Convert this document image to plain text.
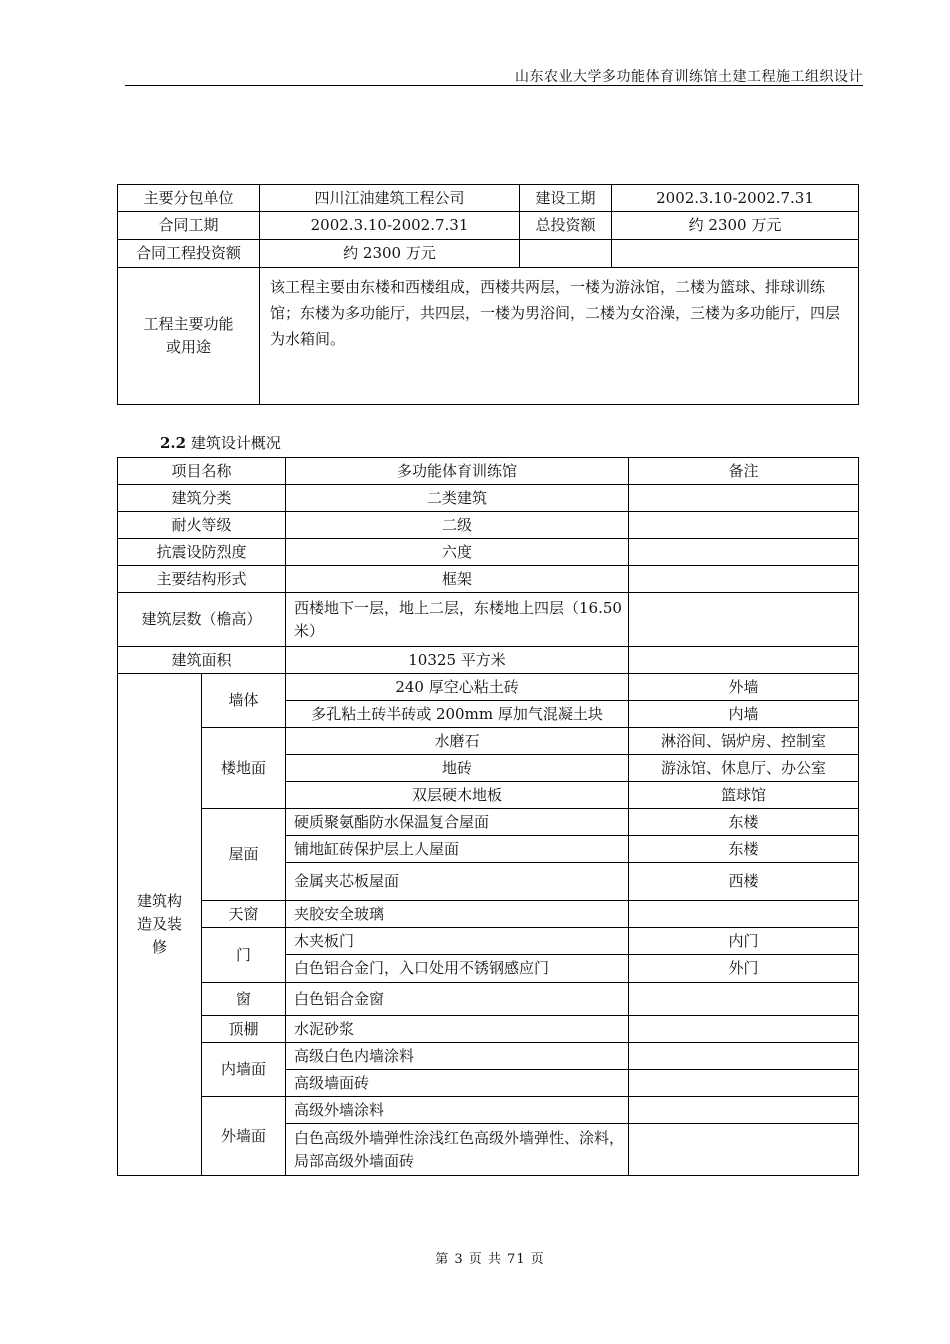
山东农业大学多功能体育训练馆土建工程施工组织设计
主要分包单位	四川江油建筑工程公司	建设工期	2002.3.10-2002.7.31
合同工期	2002.3.10-2002.7.31	总投资额	约 2300 万元
合同工程投资额	约 2300 万元		

工程主要功能
或用途	该工程主要由东楼和西楼组成，西楼共两层，一楼为游泳馆，二楼为篮球、排球训练馆；东楼为多功能厅，共四层，一楼为男浴间，二楼为女浴澡，三楼为多功能厅，四层为水箱间。		
2.2 建筑设计概况
项目名称		多功能体育训练馆	备注
建筑分类		二类建筑	
耐火等级		二级	
抗震设防烈度		六度	
主要结构形式		框架	
建筑层数（檐高）		西楼地下一层，地上二层，东楼地上四层（16.50 米）	
建筑面积		10325 平方米	

建筑构
造及装
修	墙体	240 厚空心粘土砖	外墙
		多孔粘土砖半砖或 200mm 厚加气混凝土块	内墙
	楼地面	水磨石	淋浴间、锅炉房、控制室
		地砖	游泳馆、休息厅、办公室
		双层硬木地板	篮球馆
	屋面	硬质聚氨酯防水保温复合屋面	东楼
		铺地缸砖保护层上人屋面	东楼
		金属夹芯板屋面	西楼
	天窗	夹胶安全玻璃	
	门	木夹板门	内门
		白色铝合金门，入口处用不锈钢感应门	外门
	窗	白色铝合金窗	
	顶棚	水泥砂浆	
	内墙面	高级白色内墙涂料	
		高级墙面砖	
	外墙面	高级外墙涂料	
		白色高级外墙弹性涂浅红色高级外墙弹性、涂料，局部高级外墙面砖	
第 3 页 共 71 页
